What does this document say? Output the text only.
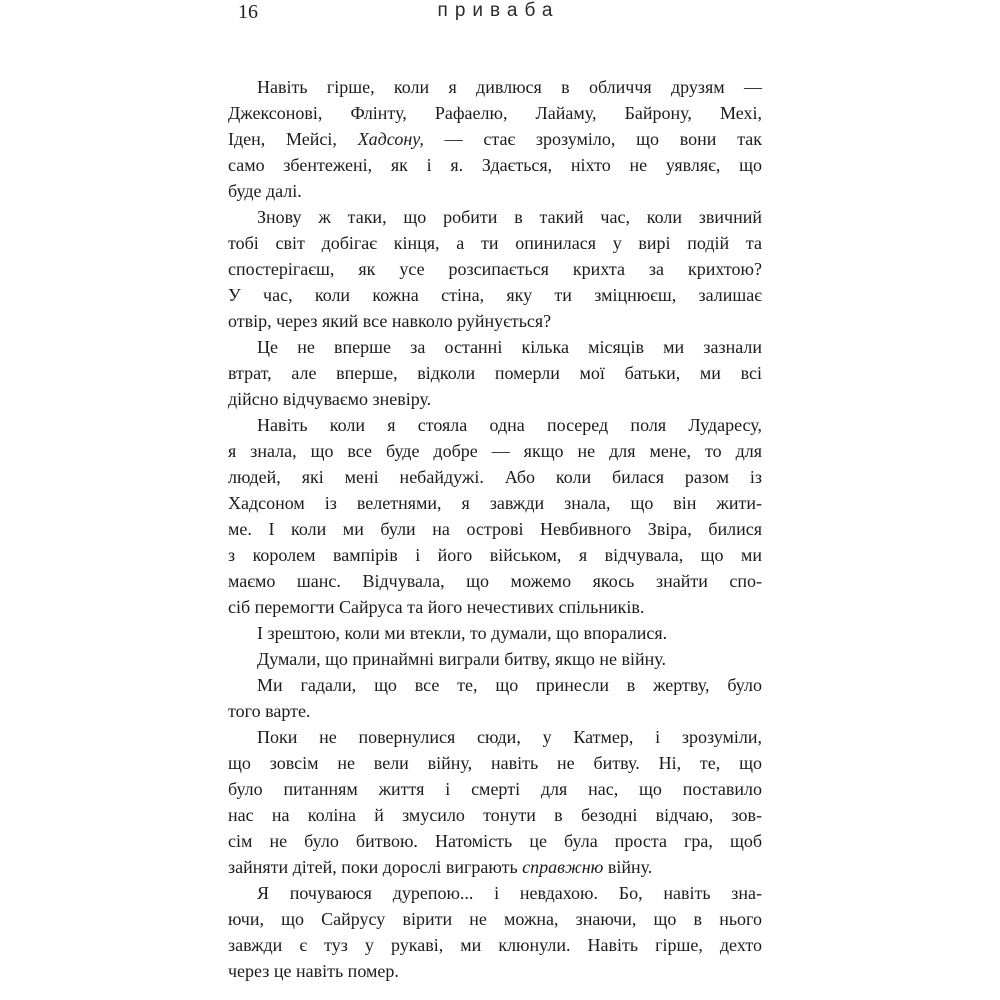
16	приваба
Навіть гірше, коли я дивлюся в обличчя друзям —
Джексонові, Флінту, Рафаелю, Лайаму, Байрону, Мехі,
Іден, Мейсі, Хадсону, — стає зрозуміло, що вони так
само збентежені, як і я. Здається, ніхто не уявляє, що
буде далі.
Знову ж таки, що робити в такий час, коли звичний
тобі світ добігає кінця, а ти опинилася у вирі подій та
спостерігаєш, як усе розсипається крихта за крихтою?
У час, коли кожна стіна, яку ти зміцнюєш, залишає
отвір, через який все навколо руйнується?
Це не вперше за останні кілька місяців ми зазнали
втрат, але вперше, відколи померли мої батьки, ми всі
дійсно відчуваємо зневіру.
Навіть коли я стояла одна посеред поля Лударесу,
я знала, що все буде добре — якщо не для мене, то для
людей, які мені небайдужі. Або коли билася разом із
Хадсоном із велетнями, я завжди знала, що він жити-
ме. І коли ми були на острові Невбивного Звіра, билися
з королем вампірів і його військом, я відчувала, що ми
маємо шанс. Відчувала, що можемо якось знайти спо-
сіб перемогти Сайруса та його нечестивих спільників.
І зрештою, коли ми втекли, то думали, що впоралися.
Думали, що принаймні виграли битву, якщо не війну.
Ми гадали, що все те, що принесли в жертву, було
того варте.
Поки не повернулися сюди, у Катмер, і зрозуміли,
що зовсім не вели війну, навіть не битву. Ні, те, що
було питанням життя і смерті для нас, що поставило
нас на коліна й змусило тонути в безодні відчаю, зов-
сім не було битвою. Натомість це була проста гра, щоб
зайняти дітей, поки дорослі виграють справжню війну.
Я почуваюся дурепою... і невдахою. Бо, навіть зна-
ючи, що Сайрусу вірити не можна, знаючи, що в нього
завжди є туз у рукаві, ми клюнули. Навіть гірше, дехто
через це навіть помер.
